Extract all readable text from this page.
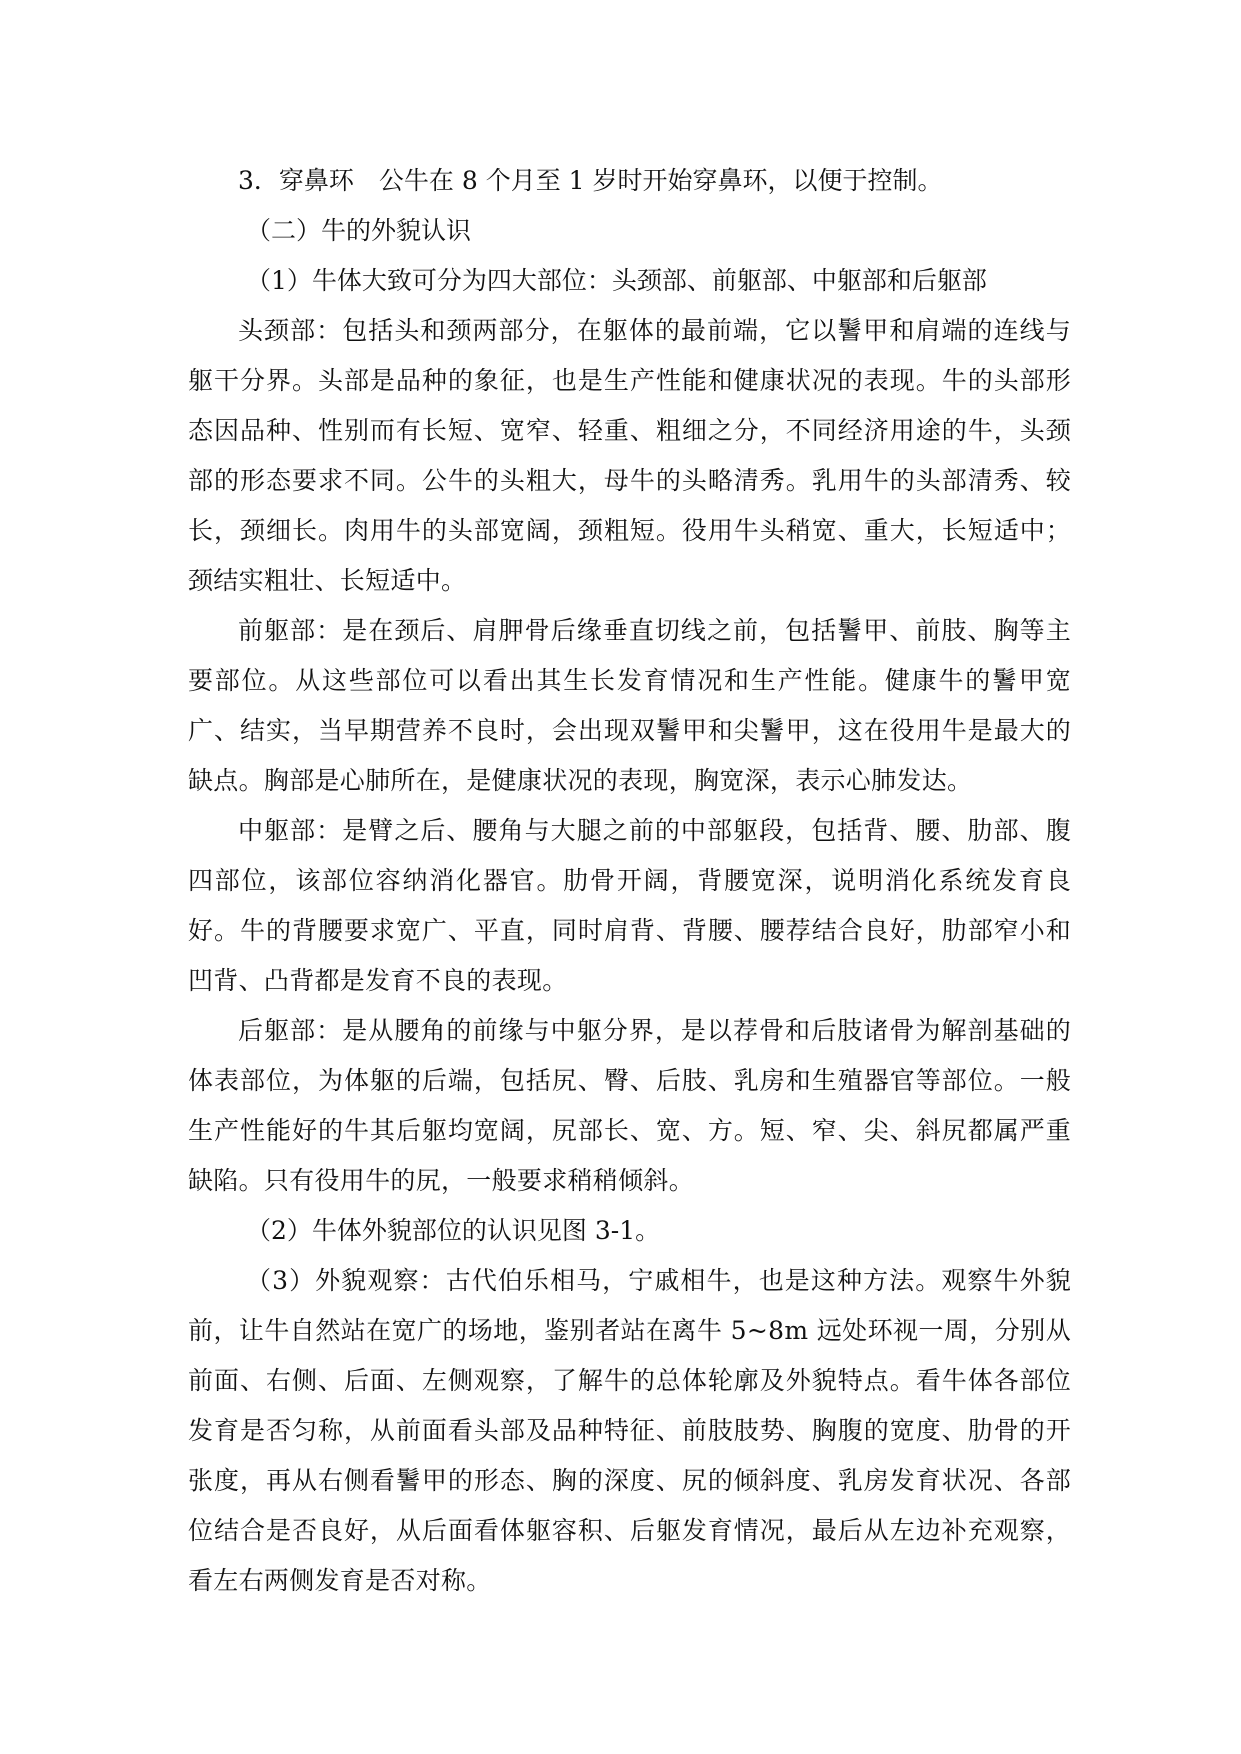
3．穿鼻环　公牛在 8 个月至 1 岁时开始穿鼻环，以便于控制。

（二）牛的外貌认识

（1）牛体大致可分为四大部位：头颈部、前躯部、中躯部和后躯部

头颈部：包括头和颈两部分，在躯体的最前端，它以鬐甲和肩端的连线与躯干分界。头部是品种的象征，也是生产性能和健康状况的表现。牛的头部形态因品种、性别而有长短、宽窄、轻重、粗细之分，不同经济用途的牛，头颈部的形态要求不同。公牛的头粗大，母牛的头略清秀。乳用牛的头部清秀、较长，颈细长。肉用牛的头部宽阔，颈粗短。役用牛头稍宽、重大，长短适中；颈结实粗壮、长短适中。

前躯部：是在颈后、肩胛骨后缘垂直切线之前，包括鬐甲、前肢、胸等主要部位。从这些部位可以看出其生长发育情况和生产性能。健康牛的鬐甲宽广、结实，当早期营养不良时，会出现双鬐甲和尖鬐甲，这在役用牛是最大的缺点。胸部是心肺所在，是健康状况的表现，胸宽深，表示心肺发达。

中躯部：是臂之后、腰角与大腿之前的中部躯段，包括背、腰、肋部、腹四部位，该部位容纳消化器官。肋骨开阔，背腰宽深，说明消化系统发育良好。牛的背腰要求宽广、平直，同时肩背、背腰、腰荐结合良好，肋部窄小和凹背、凸背都是发育不良的表现。

后躯部：是从腰角的前缘与中躯分界，是以荐骨和后肢诸骨为解剖基础的体表部位，为体躯的后端，包括尻、臀、后肢、乳房和生殖器官等部位。一般生产性能好的牛其后躯均宽阔，尻部长、宽、方。短、窄、尖、斜尻都属严重缺陷。只有役用牛的尻，一般要求稍稍倾斜。

（2）牛体外貌部位的认识见图 3-1。

（3）外貌观察：古代伯乐相马，宁戚相牛，也是这种方法。观察牛外貌前，让牛自然站在宽广的场地，鉴别者站在离牛 5~8m 远处环视一周，分别从前面、右侧、后面、左侧观察，了解牛的总体轮廓及外貌特点。看牛体各部位发育是否匀称，从前面看头部及品种特征、前肢肢势、胸腹的宽度、肋骨的开张度，再从右侧看鬐甲的形态、胸的深度、尻的倾斜度、乳房发育状况、各部位结合是否良好，从后面看体躯容积、后躯发育情况，最后从左边补充观察，看左右两侧发育是否对称。
